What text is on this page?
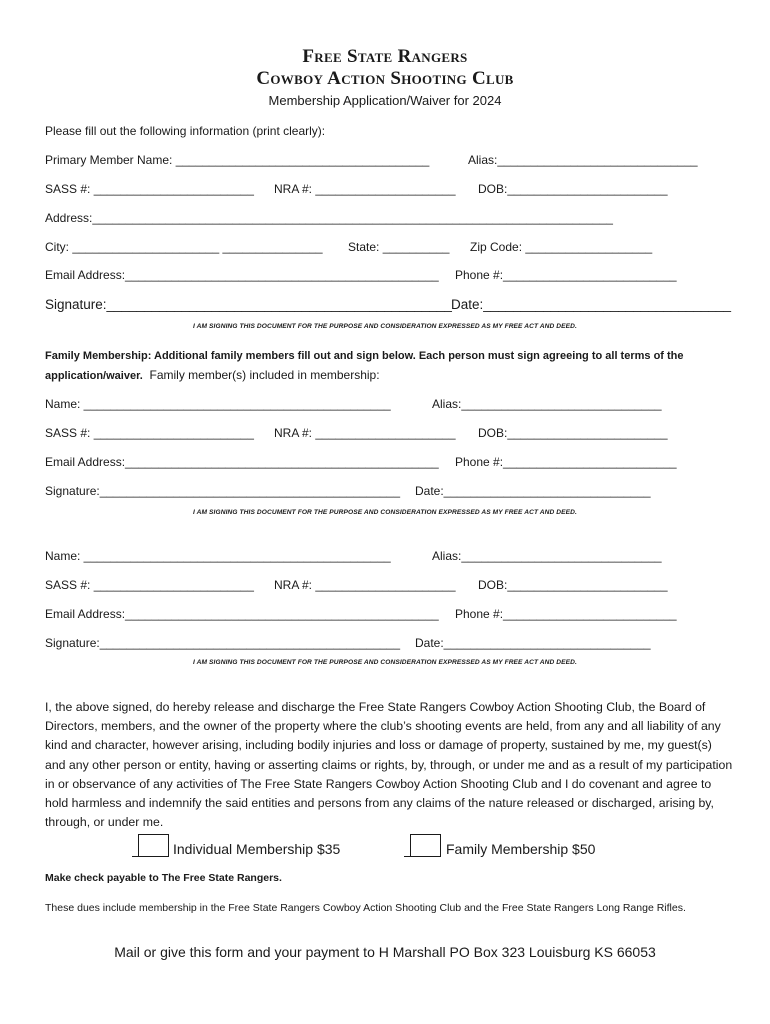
Free State Rangers
Cowboy Action Shooting Club
Membership Application/Waiver for 2024
Please fill out the following information (print clearly):
Primary Member Name: ______________________________________	Alias:______________________________
SASS #: ________________________ NRA #: _____________________ DOB:________________________
Address:______________________________________________________________________________
City: ______________________ _______________ State: __________ Zip Code: ___________________
Email Address:_______________________________________________ Phone #:__________________________
Signature:______________________________________________ Date:_________________________________
I AM SIGNING THIS DOCUMENT FOR THE PURPOSE AND CONSIDERATION EXPRESSED AS MY FREE ACT AND DEED.
Family Membership: Additional family members fill out and sign below. Each person must sign agreeing to all terms of the
application/waiver.  Family member(s) included in membership:
Name: ______________________________________________	Alias:______________________________
SASS #: ________________________ NRA #: _____________________ DOB:________________________
Email Address:_______________________________________________ Phone #:__________________________
Signature:_____________________________________________ Date:_______________________________
I AM SIGNING THIS DOCUMENT FOR THE PURPOSE AND CONSIDERATION EXPRESSED AS MY FREE ACT AND DEED.
Name: ______________________________________________	Alias:______________________________
SASS #: ________________________ NRA #: _____________________ DOB:________________________
Email Address:_______________________________________________ Phone #:__________________________
Signature:_____________________________________________ Date:_______________________________
I AM SIGNING THIS DOCUMENT FOR THE PURPOSE AND CONSIDERATION EXPRESSED AS MY FREE ACT AND DEED.
I, the above signed, do hereby release and discharge the Free State Rangers Cowboy Action Shooting Club, the Board of Directors, members, and the owner of the property where the club’s shooting events are held, from any and all liability of any kind and character, however arising, including bodily injuries and loss or damage of property, sustained by me, my guest(s) and any other person or entity, having or asserting claims or rights, by, through, or under me and as a result of my participation in or observance of any activities of The Free State Rangers Cowboy Action Shooting Club and I do covenant and agree to hold harmless and indemnify the said entities and persons from any claims of the nature released or discharged, arising by, through, or under me.
Individual Membership $35	Family Membership $50
Make check payable to The Free State Rangers.
These dues include membership in the Free State Rangers Cowboy Action Shooting Club and the Free State Rangers Long Range Rifles.
Mail or give this form and your payment to H Marshall PO Box 323 Louisburg KS 66053
